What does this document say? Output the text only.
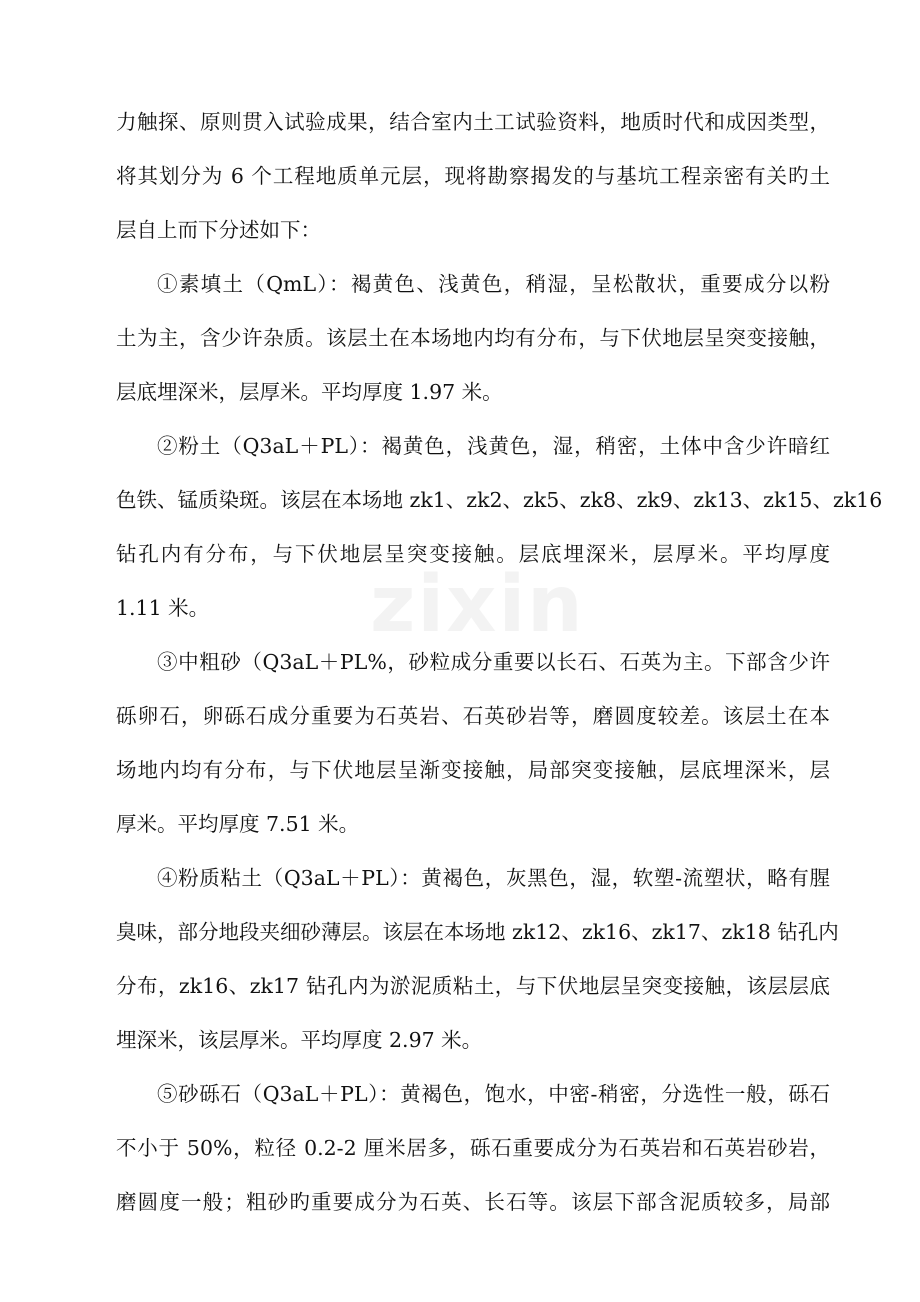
zixin
力触探、原则贯入试验成果，结合室内土工试验资料，地质时代和成因类型，
将其划分为 6 个工程地质单元层，现将勘察揭发的与基坑工程亲密有关旳土
层自上而下分述如下：
①素填土（QmL）：褐黄色、浅黄色，稍湿，呈松散状，重要成分以粉
土为主，含少许杂质。该层土在本场地内均有分布，与下伏地层呈突变接触，
层底埋深米，层厚米。平均厚度 1.97 米。
②粉土（Q3aL＋PL）：褐黄色，浅黄色，湿，稍密，土体中含少许暗红
色铁、锰质染斑。该层在本场地 zk1、zk2、zk5、zk8、zk9、zk13、zk15、zk16
钻孔内有分布，与下伏地层呈突变接触。层底埋深米，层厚米。平均厚度
1.11 米。
③中粗砂（Q3aL＋PL%，砂粒成分重要以长石、石英为主。下部含少许
砾卵石，卵砾石成分重要为石英岩、石英砂岩等，磨圆度较差。该层土在本
场地内均有分布，与下伏地层呈渐变接触，局部突变接触，层底埋深米，层
厚米。平均厚度 7.51 米。
④粉质粘土（Q3aL＋PL）：黄褐色，灰黑色，湿，软塑-流塑状，略有腥
臭味，部分地段夹细砂薄层。该层在本场地 zk12、zk16、zk17、zk18 钻孔内
分布，zk16、zk17 钻孔内为淤泥质粘土，与下伏地层呈突变接触，该层层底
埋深米，该层厚米。平均厚度 2.97 米。
⑤砂砾石（Q3aL＋PL）：黄褐色，饱水，中密-稍密，分选性一般，砾石
不小于 50%，粒径 0.2-2 厘米居多，砾石重要成分为石英岩和石英岩砂岩，
磨圆度一般；粗砂旳重要成分为石英、长石等。该层下部含泥质较多，局部
